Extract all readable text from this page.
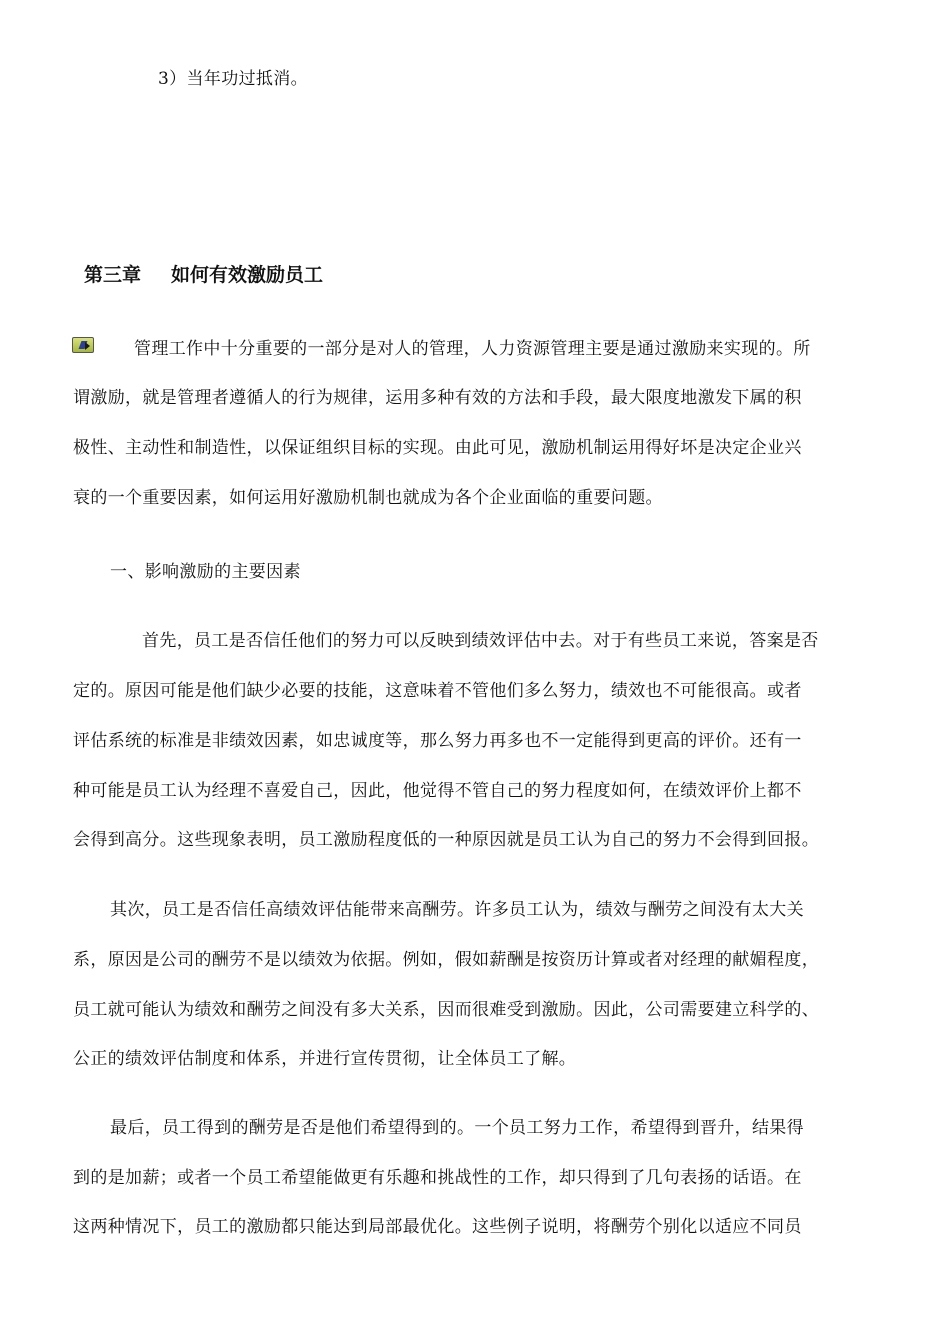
3）当年功过抵消。
第三章 如何有效激励员工
管理工作中十分重要的一部分是对人的管理，人力资源管理主要是通过激励来实现的。所
谓激励，就是管理者遵循人的行为规律，运用多种有效的方法和手段，最大限度地激发下属的积
极性、主动性和制造性，以保证组织目标的实现。由此可见，激励机制运用得好坏是决定企业兴
衰的一个重要因素，如何运用好激励机制也就成为各个企业面临的重要问题。
一、影响激励的主要因素
首先，员工是否信任他们的努力可以反映到绩效评估中去。对于有些员工来说，答案是否
定的。原因可能是他们缺少必要的技能，这意味着不管他们多么努力，绩效也不可能很高。或者
评估系统的标准是非绩效因素，如忠诚度等，那么努力再多也不一定能得到更高的评价。还有一
种可能是员工认为经理不喜爱自己，因此，他觉得不管自己的努力程度如何，在绩效评价上都不
会得到高分。这些现象表明，员工激励程度低的一种原因就是员工认为自己的努力不会得到回报。
其次，员工是否信任高绩效评估能带来高酬劳。许多员工认为，绩效与酬劳之间没有太大关
系，原因是公司的酬劳不是以绩效为依据。例如，假如薪酬是按资历计算或者对经理的献媚程度，
员工就可能认为绩效和酬劳之间没有多大关系，因而很难受到激励。因此，公司需要建立科学的、
公正的绩效评估制度和体系，并进行宣传贯彻，让全体员工了解。
最后，员工得到的酬劳是否是他们希望得到的。一个员工努力工作，希望得到晋升，结果得
到的是加薪；或者一个员工希望能做更有乐趣和挑战性的工作，却只得到了几句表扬的话语。在
这两种情况下，员工的激励都只能达到局部最优化。这些例子说明，将酬劳个别化以适应不同员
